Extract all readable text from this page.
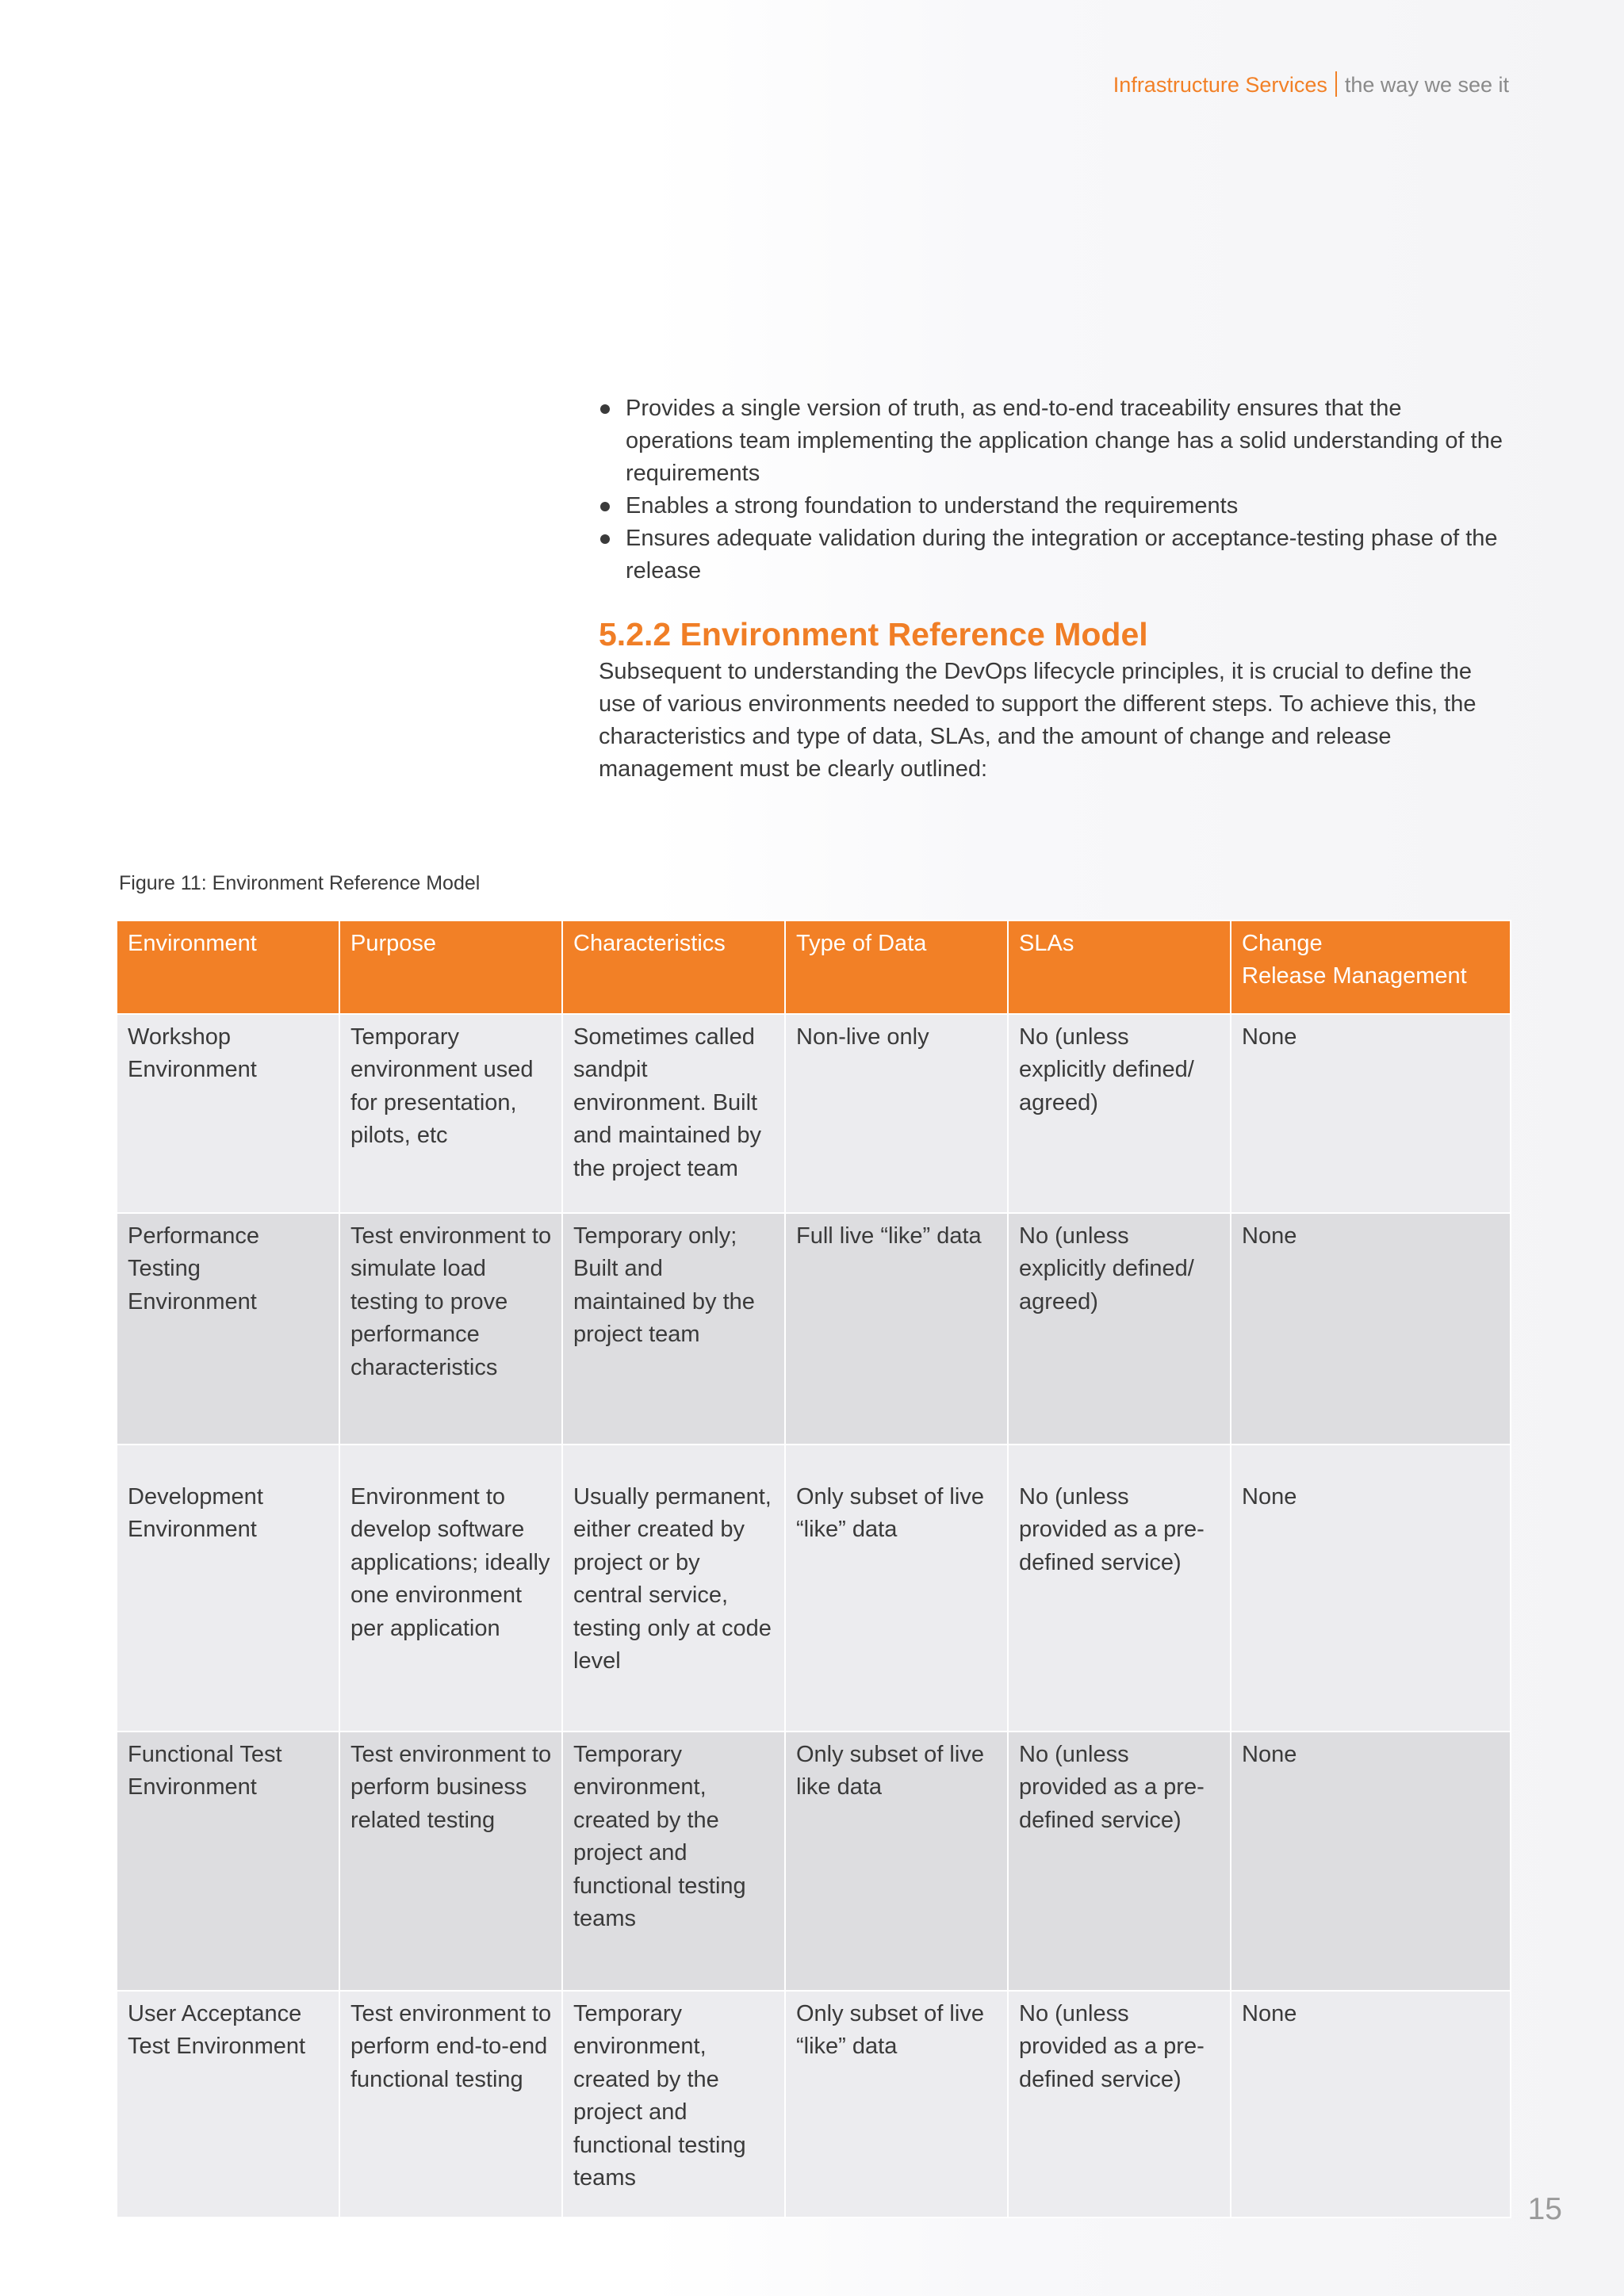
Infrastructure Services the way we see it
Provides a single version of truth, as end-to-end traceability ensures that the operations team implementing the application change has a solid understanding of the requirements
Enables a strong foundation to understand the requirements
Ensures adequate validation during the integration or acceptance-testing phase of the release
5.2.2 Environment Reference Model

Subsequent to understanding the DevOps lifecycle principles, it is crucial to define the use of various environments needed to support the different steps. To achieve this, the characteristics and type of data, SLAs, and the amount of change and release management must be clearly outlined:

Figure 11: Environment Reference Model
Environment	Purpose	Characteristics	Type of Data	SLAs	Change
Release Management
Workshop Environment	Temporary environment used for presentation, pilots, etc	Sometimes called sandpit environment. Built and maintained by the project team	Non-live only	No (unless explicitly defined/ agreed)	None
Performance Testing Environment	Test environment to simulate load testing to prove performance characteristics	Temporary only; Built and maintained by the project team	Full live “like” data	No (unless explicitly defined/ agreed)	None
Development Environment	Environment to develop software applications; ideally one environment per application	Usually permanent, either created by project or by central service, testing only at code level	Only subset of live “like” data	No (unless provided as a pre-defined service)	None
Functional Test Environment	Test environment to perform business related testing	Temporary environment, created by the project and functional testing teams	Only subset of live like data	No (unless provided as a pre-defined service)	None
User Acceptance Test Environment	Test environment to perform end-to-end functional testing	Temporary environment, created by the project and functional testing teams	Only subset of live “like” data	No (unless provided as a pre-defined service)	None
15
